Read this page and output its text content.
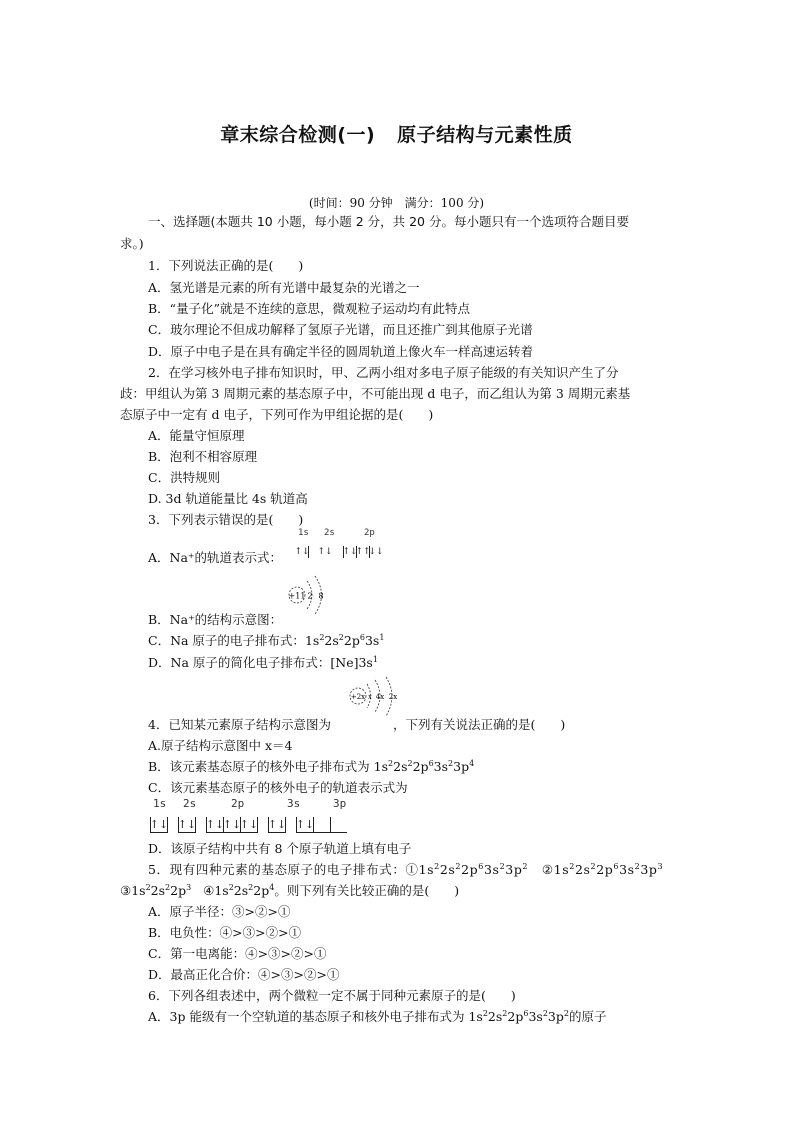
章末综合检测(一) 原子结构与元素性质
(时间：90 分钟　满分：100 分)
一、选择题(本题共 10 小题，每小题 2 分，共 20 分。每小题只有一个选项符合题目要
求。)
1．下列说法正确的是(　　)
A．氢光谱是元素的所有光谱中最复杂的光谱之一
B．“量子化”就是不连续的意思，微观粒子运动均有此特点
C．玻尔理论不但成功解释了氢原子光谱，而且还推广到其他原子光谱
D．原子中电子是在具有确定半径的圆周轨道上像火车一样高速运转着
2．在学习核外电子排布知识时，甲、乙两小组对多电子原子能级的有关知识产生了分
歧：甲组认为第 3 周期元素的基态原子中，不可能出现 d 电子，而乙组认为第 3 周期元素基
态原子中一定有 d 电子，下列可作为甲组论据的是(　　)
A．能量守恒原理
B．泡利不相容原理
C．洪特规则
D. 3d 轨道能量比 4s 轨道高
3．下列表示错误的是(　　)
1s 2s	2p
A．Na⁺的轨道表示式： ↑↓ ↑↓ ↑↓
↑↑
↓↓
+11 2 8
B．Na⁺的结构示意图：
C．Na 原子的电子排布式：$1s^22s^22p^63s^1$
D．Na 原子的简化电子排布式：$[Ne]3s^1$
+2x x 4x 2x
4．已知某元素原子结构示意图为	，下列有关说法正确的是(　　)
A.原子结构示意图中 x＝4
B．该元素基态原子的核外电子排布式为 $1s^22s^22p^63s^23p^4$
C．该元素基态原子的核外电子的轨道表示式为
1s 2s	2p	3s	3p
↑↓ ↑↓ ↑↓
↑↓
↑↓ ↑↓ ↑↓
D．该原子结构中共有 8 个原子轨道上填有电子
5．现有四种元素的基态原子的电子排布式：$①1s^22s^22p^63s^23p^2$ $②1s^22s^22p^63s^23p^3$
$③1s^22s^22p^3$ $④1s^22s^22p^4$。则下列有关比较正确的是(　　)
A．原子半径：③>②>①
B．电负性：④>③>②>①
C．第一电离能：④>③>②>①
D．最高正化合价：④>③>②>①
6．下列各组表述中，两个微粒一定不属于同种元素原子的是(　　)
A．3p 能级有一个空轨道的基态原子和核外电子排布式为 $1s^22s^22p^63s^23p^2$的原子
